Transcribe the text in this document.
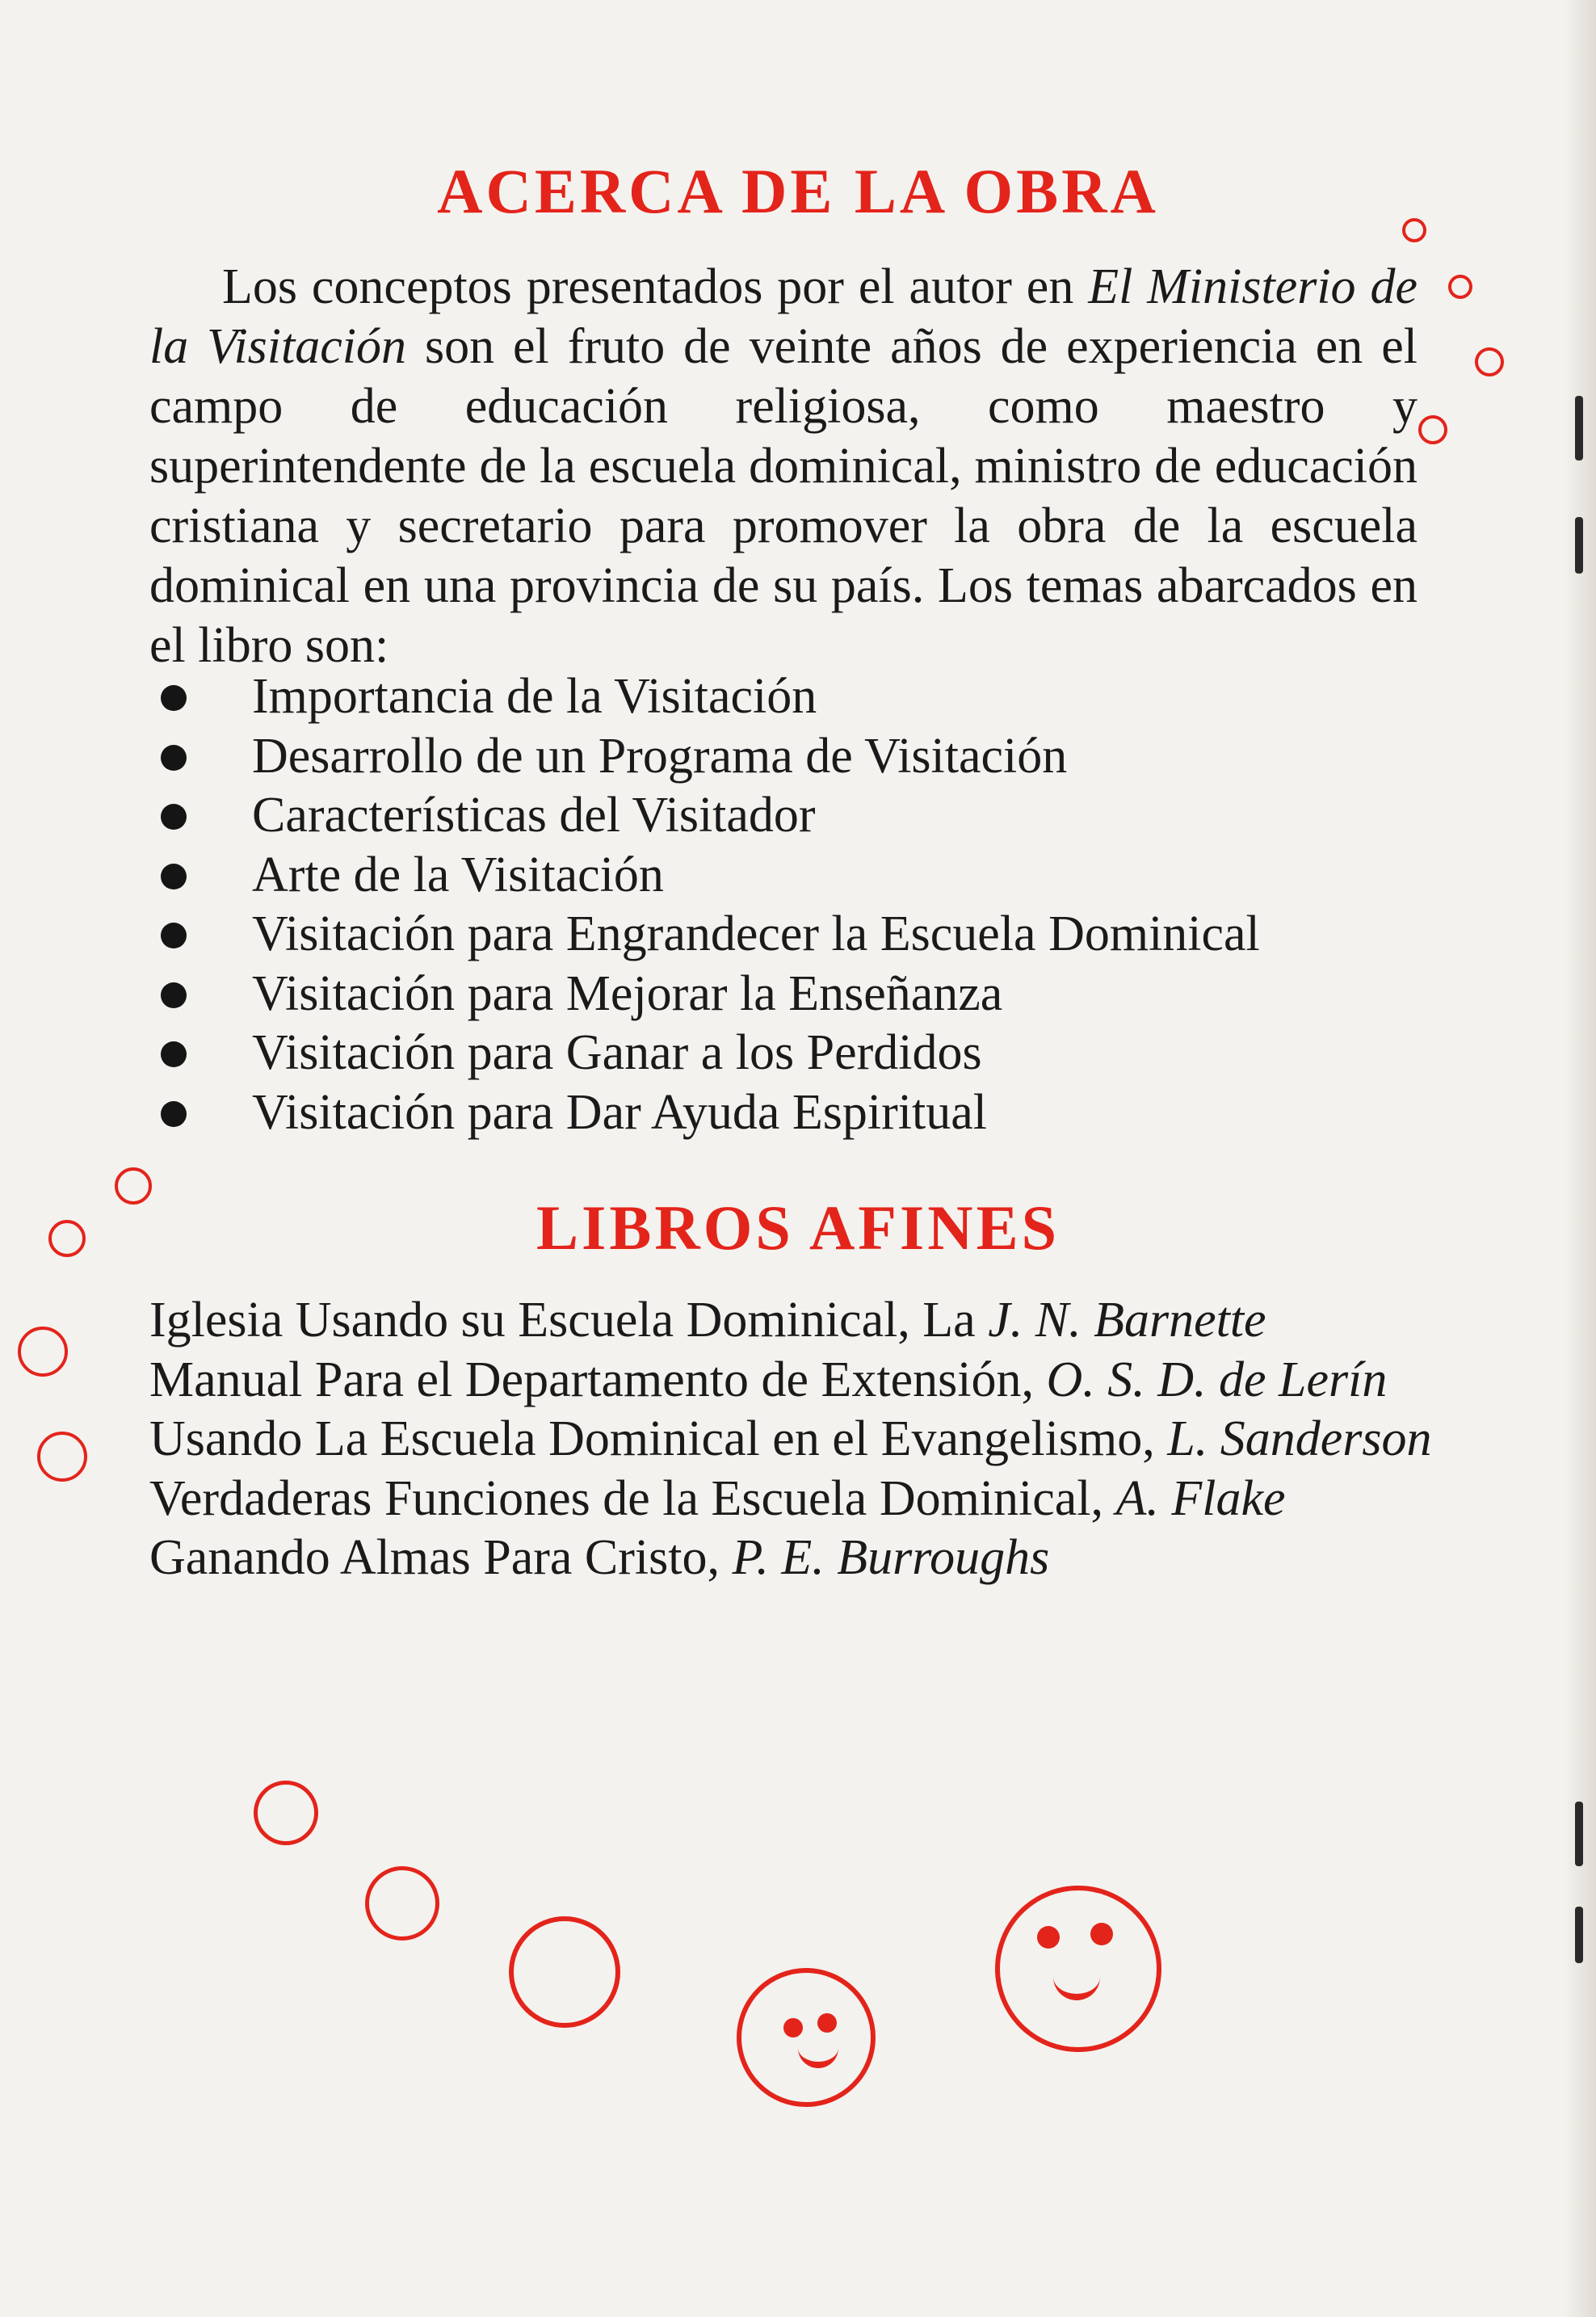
ACERCA DE LA OBRA

Los conceptos presentados por el autor en El Ministerio de la Visitación son el fruto de veinte años de experiencia en el campo de educación religiosa, como maestro y superintendente de la escuela dominical, ministro de educación cristiana y secretario para promover la obra de la escuela dominical en una provincia de su país. Los temas abarcados en el libro son:

Importancia de la Visitación
Desarrollo de un Programa de Visitación
Características del Visitador
Arte de la Visitación
Visitación para Engrandecer la Escuela Dominical
Visitación para Mejorar la Enseñanza
Visitación para Ganar a los Perdidos
Visitación para Dar Ayuda Espiritual
LIBROS AFINES
Iglesia Usando su Escuela Dominical, La J. N. Barnette
Manual Para el Departamento de Extensión, O. S. D. de Lerín
Usando La Escuela Dominical en el Evangelismo, L. Sanderson
Verdaderas Funciones de la Escuela Dominical, A. Flake
Ganando Almas Para Cristo, P. E. Burroughs
